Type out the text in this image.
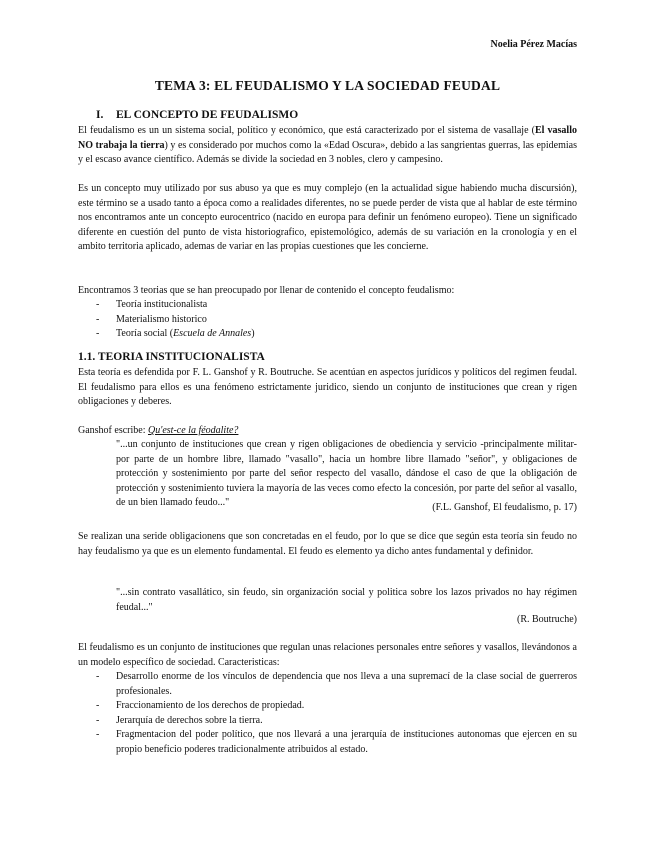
Noelia Pérez Macías
TEMA 3: EL FEUDALISMO Y LA SOCIEDAD FEUDAL
I. EL CONCEPTO DE FEUDALISMO
El feudalismo es un un sistema social, político y económico, que está caracterizado por el sistema de vasallaje (El vasallo NO trabaja la tierra) y es considerado por muchos como la «Edad Oscura», debido a las sangrientas guerras, las epidemias y el escaso avance científico. Además se divide la sociedad en 3 nobles, clero y campesino.
Es un concepto muy utilizado por sus abuso ya que es muy complejo (en la actualidad sigue habiendo mucha discursión), este término se a usado tanto a época como a realidades diferentes, no se puede perder de vista que al hablar de este término nos encontramos ante un concepto eurocentrico (nacido en europa para definir un fenómeno europeo). Tiene un significado diferente en cuestión del punto de vista historiografico, epistemológico, además de su variación en la cronología y en el ambito territoria aplicado, ademas de variar en las propias cuestiones que les concierne.
Encontramos 3 teorias que se han preocupado por llenar de contenido el concepto feudalismo:
- Teoría institucionalista
- Materialismo historico
- Teoría social (Escuela de Annales)
1.1. TEORIA INSTITUCIONALISTA
Esta teoría es defendida por F. L. Ganshof y R. Boutruche. Se acentúan en aspectos jurídicos y políticos del regimen feudal. El feudalismo para ellos es una fenómeno estrictamente juridico, siendo un conjunto de instituciones que crean y rigen obligaciones y deberes.
Ganshof escribe: Qu'est-ce la féodalite?
"...un conjunto de instituciones que crean y rigen obligaciones de obediencia y servicio -principalmente militar- por parte de un hombre libre, llamado "vasallo", hacia un hombre libre llamado "señor", y obligaciones de protección y sostenimiento por parte del señor respecto del vasallo, dándose el caso de que la obligación de protección y sostenimiento tuviera la mayoría de las veces como efecto la concesión, por parte del señor al vasallo, de un bien llamado feudo..."	(F.L. Ganshof, El feudalismo, p. 17)
Se realizan una seride obligacionens que son concretadas en el feudo, por lo que se dice que según esta teoría sin feudo no hay feudalismo ya que es un elemento fundamental. El feudo es elemento ya dicho antes fundamental y definidor.
"...sin contrato vasallático, sin feudo, sin organización social y politica sobre los lazos privados no hay régimen feudal..."
(R. Boutruche)
El feudalismo es un conjunto de instituciones que regulan unas relaciones personales entre señores y vasallos, llevándonos a un modelo específico de sociedad. Caracteristicas:
- Desarrollo enorme de los vínculos de dependencia que nos lleva a una supremací de la clase social de guerreros profesionales.
- Fraccionamiento de los derechos de propiedad.
- Jerarquía de derechos sobre la tierra.
- Fragmentacion del poder político, que nos llevará a una jerarquía de instituciones autonomas que ejercen en su propio beneficio poderes tradicionalmente atribuidos al estado.
